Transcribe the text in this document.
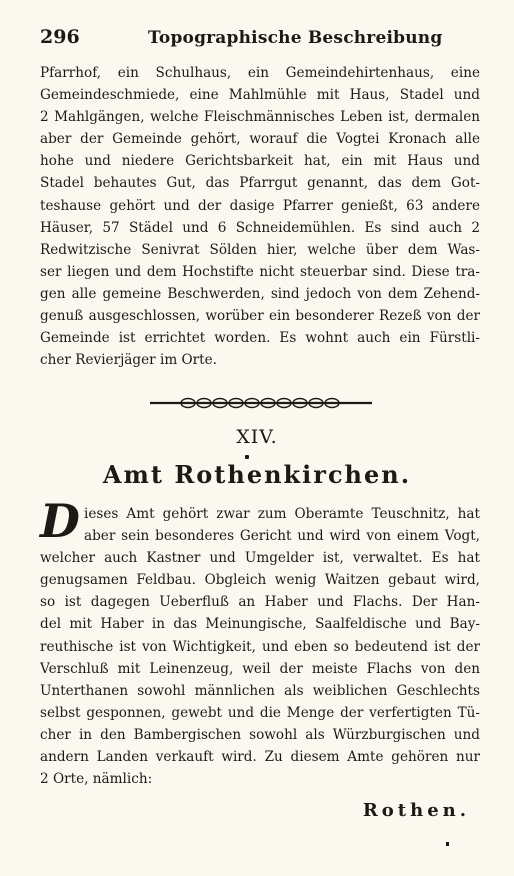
296	Topographische Beschreibung
Pfarrhof, ein Schulhaus, ein Gemeindehirtenhaus, eine
Gemeindeschmiede, eine Mahlmühle mit Haus, Stadel und
2 Mahlgängen, welche Fleischmännisches Leben ist, dermalen
aber der Gemeinde gehört, worauf die Vogtei Kronach alle
hohe und niedere Gerichtsbarkeit hat, ein mit Haus und
Stadel behautes Gut, das Pfarrgut genannt, das dem Got-
teshause gehört und der dasige Pfarrer genießt, 63 andere
Häuser, 57 Städel und 6 Schneidemühlen. Es sind auch 2
Redwitzische Senivrat Sölden hier, welche über dem Was-
ser liegen und dem Hochstifte nicht steuerbar sind. Diese tra-
gen alle gemeine Beschwerden, sind jedoch von dem Zehend-
genuß ausgeschlossen, worüber ein besonderer Rezeß von der
Gemeinde ist errichtet worden. Es wohnt auch ein Fürstli-
cher Revierjäger im Orte.
XIV.
Amt Rothenkirchen.
D ieses Amt gehört zwar zum Oberamte Teuschnitz, hat
aber sein besonderes Gericht und wird von einem Vogt,
welcher auch Kastner und Umgelder ist, verwaltet. Es hat
genugsamen Feldbau. Obgleich wenig Waitzen gebaut wird,
so ist dagegen Ueberfluß an Haber und Flachs. Der Han-
del mit Haber in das Meinungische, Saalfeldische und Bay-
reuthische ist von Wichtigkeit, und eben so bedeutend ist der
Verschluß mit Leinenzeug, weil der meiste Flachs von den
Unterthanen sowohl männlichen als weiblichen Geschlechts
selbst gesponnen, gewebt und die Menge der verfertigten Tü-
cher in den Bambergischen sowohl als Würzburgischen und
andern Landen verkauft wird. Zu diesem Amte gehören nur
2 Orte, nämlich:
Rothen.
